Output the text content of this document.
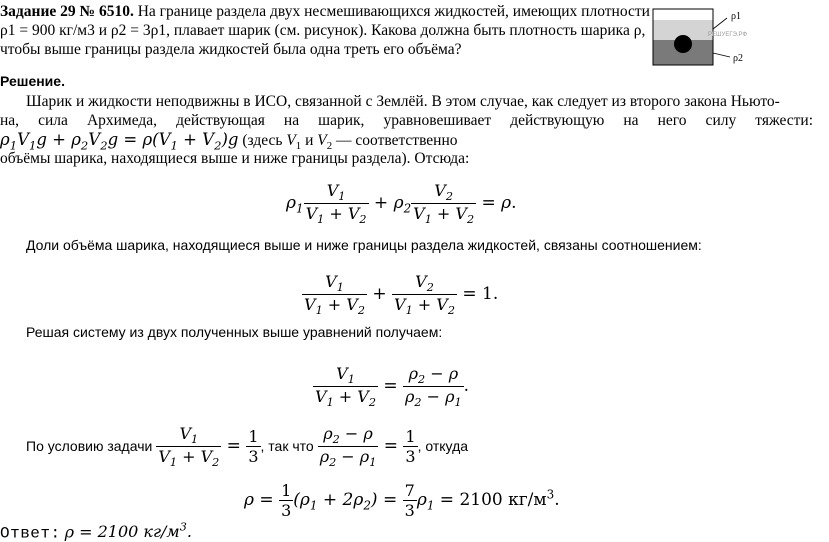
Задание 29 № 6510. На границе раздела двух несмешивающихся жидкостей, имеющих плотности
ρ1 = 900 кг/м3 и ρ2 = 3ρ1, плавает шарик (см. рисунок). Какова должна быть плотность шарика ρ,
чтобы выше границы раздела жидкостей была одна треть его объёма?
ρ1
ρ2
РЕШУЕГЭ.РФ
Решение.
Шарик и жидкости неподвижны в ИСО, связанной с Землёй. В этом случае, как следует из второго закона Ньюто-
на, сила Архимеда, действующая на шарик, уравновешивает действующую на него силу тяжести:
$\rho_1V_1g + \rho_2V_2g = \rho(V_1 + V_2)g$ (здесь $V_1$ и $V_2$ — соответственно
объёмы шарика, находящиеся выше и ниже границы раздела). Отсюда:
$\rho_1 \frac{V_1}{V_1 + V_2} + \rho_2 \frac{V_2}{V_1 + V_2} = \rho$.
Доли объёма шарика, находящиеся выше и ниже границы раздела жидкостей, связаны соотношением:
$\frac{V_1}{V_1 + V_2} + \frac{V_2}{V_1 + V_2} = 1$.
Решая систему из двух полученных выше уравнений получаем:
$\frac{V_1}{V_1 + V_2} = \frac{\rho_2 - \rho}{\rho_2 - \rho_1}$ .
По условию задачи $\frac{V_1}{V_1 + V_2} = \frac{1}{3}$ , так что $\frac{\rho_2 - \rho}{\rho_2 - \rho_1} = \frac{1}{3}$ , откуда
$\rho = \frac{1}{3} (\rho_1 + 2\rho_2) = \frac{7}{3} \rho_1 = 2100$ $кг/м^3$.
Ответ: ρ = 2100 $кг/м^3$.
